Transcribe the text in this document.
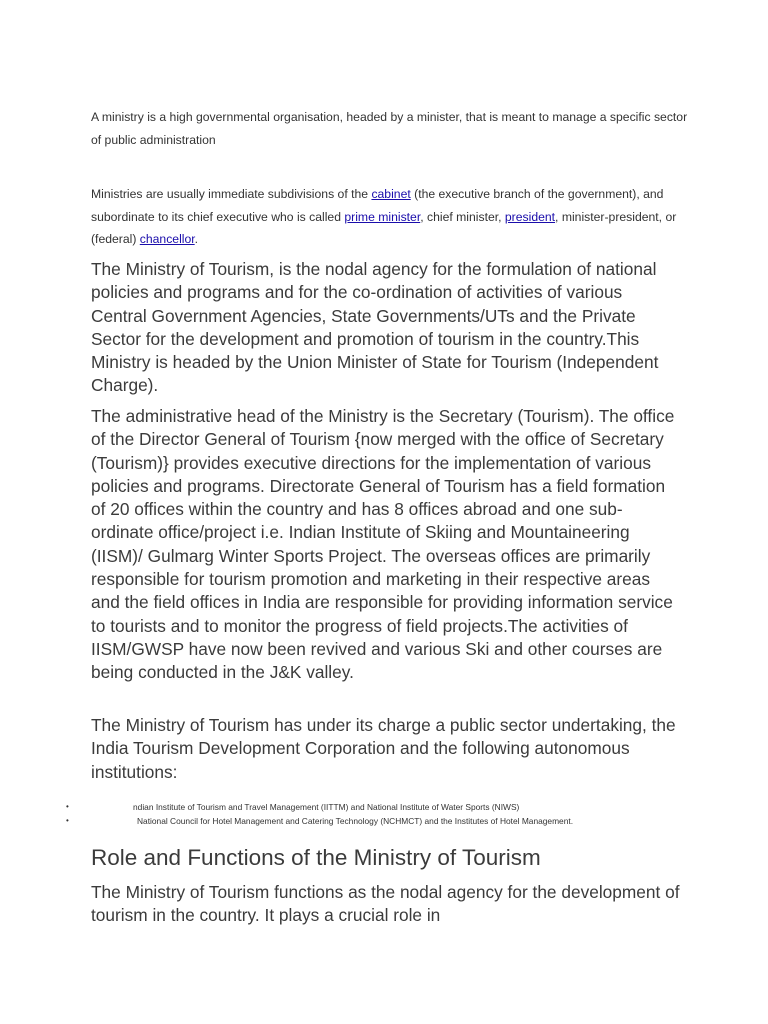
A ministry is a high governmental organisation, headed by a minister, that is meant to manage a specific sector of public administration

Ministries are usually immediate subdivisions of the cabinet (the executive branch of the government), and subordinate to its chief executive who is called prime minister, chief minister, president, minister-president, or (federal) chancellor.

The Ministry of Tourism, is the nodal agency for the formulation of national policies and programs and for the co-ordination of activities of various Central Government Agencies, State Governments/UTs and the Private Sector for the development and promotion of tourism in the country.This Ministry is headed by the Union Minister of State for Tourism (Independent Charge).

The administrative head of the Ministry is the Secretary (Tourism). The office of the Director General of Tourism {now merged with the office of Secretary (Tourism)} provides executive directions for the implementation of various policies and programs. Directorate General of Tourism has a field formation of 20 offices within the country and has 8 offices abroad and one sub-ordinate office/project i.e. Indian Institute of Skiing and Mountaineering (IISM)/ Gulmarg Winter Sports Project. The overseas offices are primarily responsible for tourism promotion and marketing in their respective areas and the field offices in India are responsible for providing information service to tourists and to monitor the progress of field projects.The activities of IISM/GWSP have now been revived and various Ski and other courses are being conducted in the J&K valley.

The Ministry of Tourism has under its charge a public sector undertaking, the India Tourism Development Corporation and the following autonomous institutions:

•	ndian Institute of Tourism and Travel Management (IITTM) and National Institute of Water Sports (NIWS)
•	National Council for Hotel Management and Catering Technology (NCHMCT) and the Institutes of Hotel Management.
Role and Functions of the Ministry of Tourism

The Ministry of Tourism functions as the nodal agency for the development of tourism in the country. It plays a crucial role in
